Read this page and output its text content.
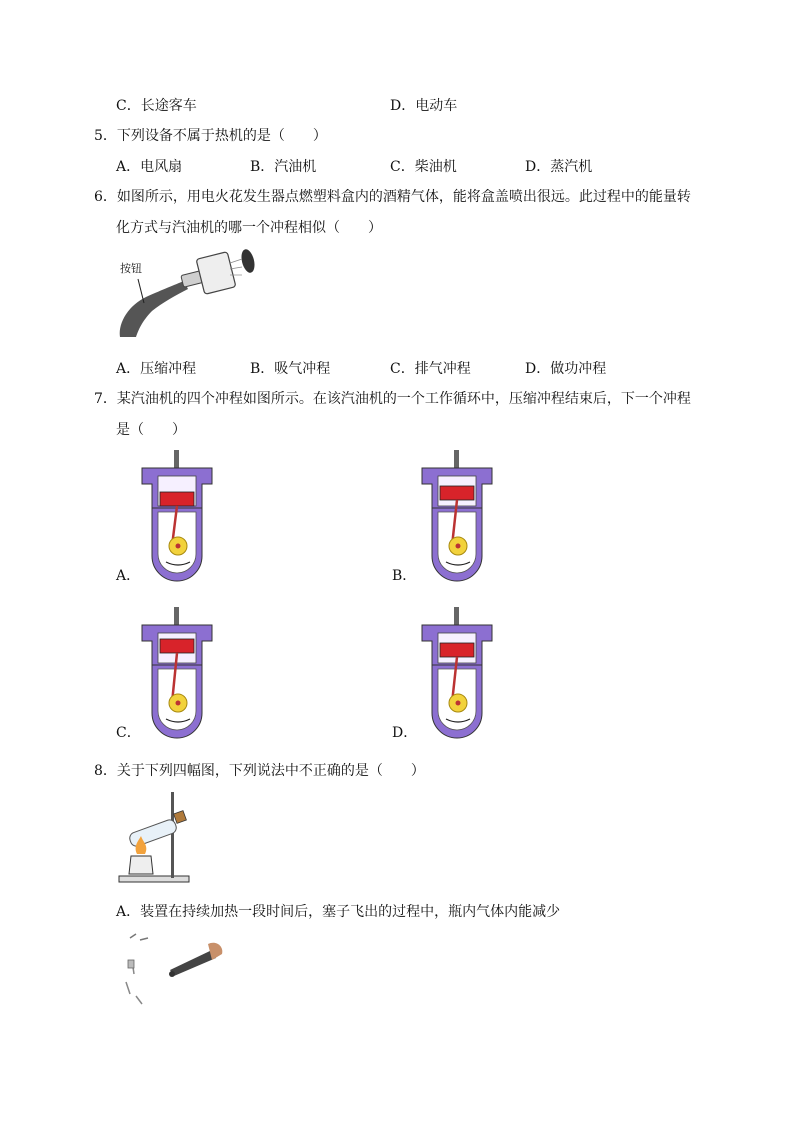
C．长途客车	D．电动车
5．下列设备不属于热机的是（　　）
A．电风扇	B．汽油机	C．柴油机	D．蒸汽机
6．如图所示，用电火花发生器点燃塑料盒内的酒精气体，能将盒盖喷出很远。此过程中的能量转
化方式与汽油机的哪一个冲程相似（　　）
按钮
A．压缩冲程	B．吸气冲程	C．排气冲程	D．做功冲程
7．某汽油机的四个冲程如图所示。在该汽油机的一个工作循环中，压缩冲程结束后，下一个冲程
是（　　）
A．	B．
C．	D．
8．关于下列四幅图，下列说法中不正确的是（　　）
A．装置在持续加热一段时间后，塞子飞出的过程中，瓶内气体内能减少
